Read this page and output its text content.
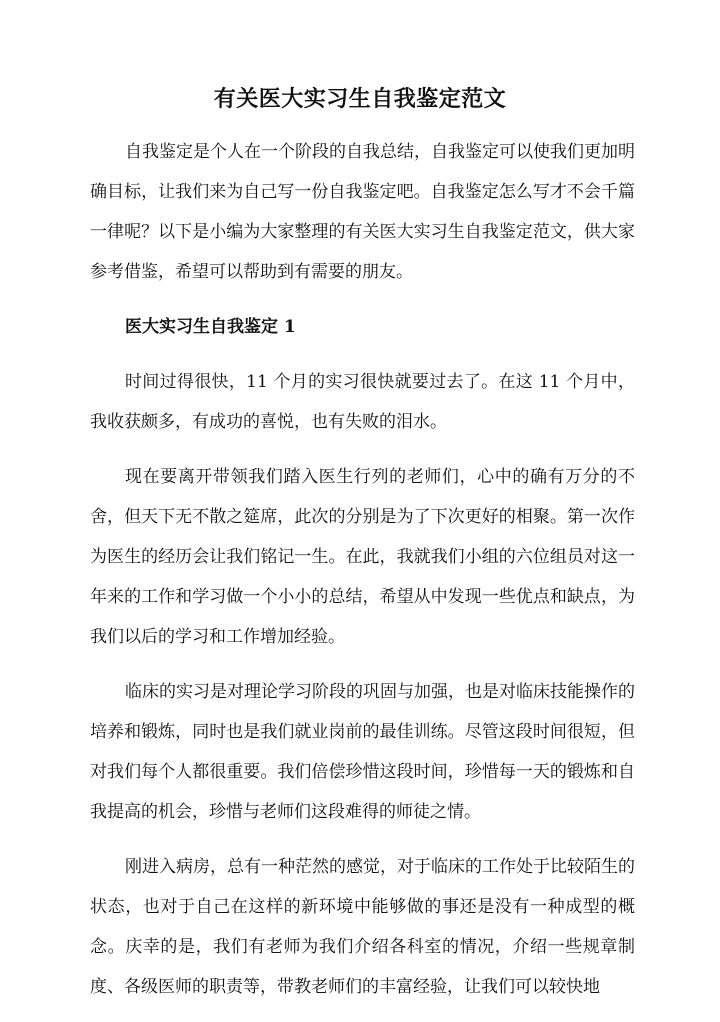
有关医大实习生自我鉴定范文

自我鉴定是个人在一个阶段的自我总结，自我鉴定可以使我们更加明确目标，让我们来为自己写一份自我鉴定吧。自我鉴定怎么写才不会千篇一律呢？以下是小编为大家整理的有关医大实习生自我鉴定范文，供大家参考借鉴，希望可以帮助到有需要的朋友。

医大实习生自我鉴定 1

时间过得很快，11 个月的实习很快就要过去了。在这 11 个月中，我收获颇多，有成功的喜悦，也有失败的泪水。

现在要离开带领我们踏入医生行列的老师们，心中的确有万分的不舍，但天下无不散之筵席，此次的分别是为了下次更好的相聚。第一次作为医生的经历会让我们铭记一生。在此，我就我们小组的六位组员对这一年来的工作和学习做一个小小的总结，希望从中发现一些优点和缺点，为我们以后的学习和工作增加经验。

临床的实习是对理论学习阶段的巩固与加强，也是对临床技能操作的培养和锻炼，同时也是我们就业岗前的最佳训练。尽管这段时间很短，但对我们每个人都很重要。我们倍偿珍惜这段时间，珍惜每一天的锻炼和自我提高的机会，珍惜与老师们这段难得的师徒之情。

刚进入病房，总有一种茫然的感觉，对于临床的工作处于比较陌生的状态，也对于自己在这样的新环境中能够做的事还是没有一种成型的概念。庆幸的是，我们有老师为我们介绍各科室的情况，介绍一些规章制度、各级医师的职责等，带教老师们的丰富经验，让我们可以较快地
